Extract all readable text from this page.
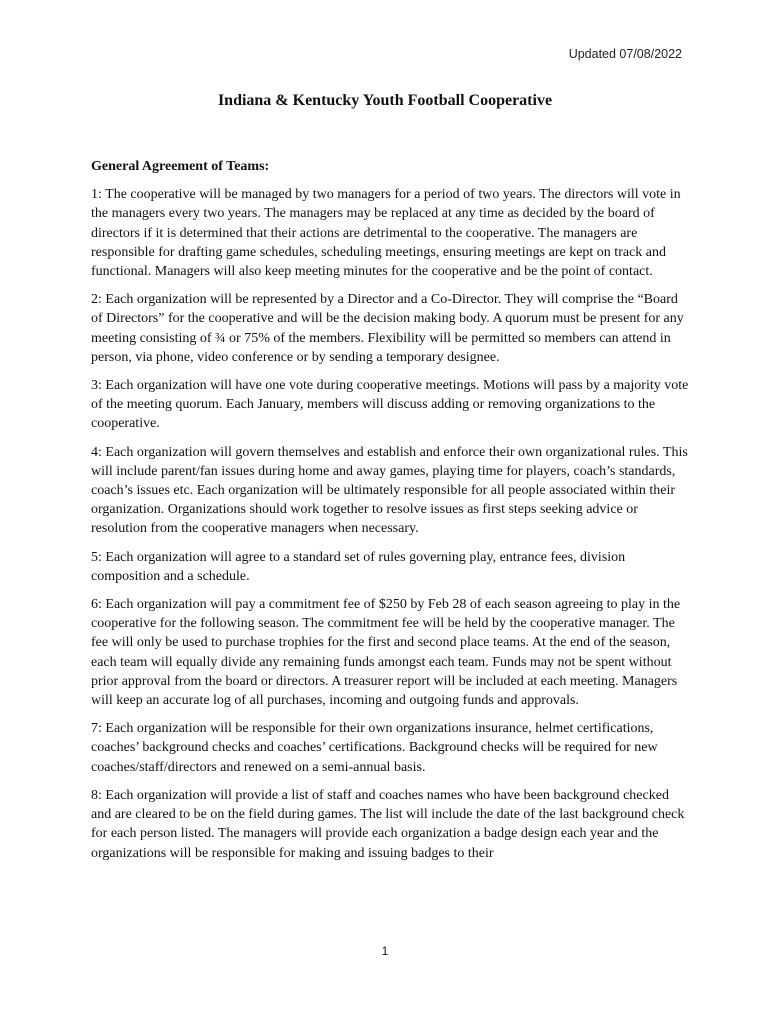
Updated 07/08/2022
Indiana & Kentucky Youth Football Cooperative

General Agreement of Teams:

1: The cooperative will be managed by two managers for a period of two years. The directors will vote in the managers every two years. The managers may be replaced at any time as decided by the board of directors if it is determined that their actions are detrimental to the cooperative. The managers are responsible for drafting game schedules, scheduling meetings, ensuring meetings are kept on track and functional. Managers will also keep meeting minutes for the cooperative and be the point of contact.

2: Each organization will be represented by a Director and a Co-Director. They will comprise the “Board of Directors” for the cooperative and will be the decision making body. A quorum must be present for any meeting consisting of ¾ or 75% of the members. Flexibility will be permitted so members can attend in person, via phone, video conference or by sending a temporary designee.

3: Each organization will have one vote during cooperative meetings. Motions will pass by a majority vote of the meeting quorum. Each January, members will discuss adding or removing organizations to the cooperative.

4: Each organization will govern themselves and establish and enforce their own organizational rules. This will include parent/fan issues during home and away games, playing time for players, coach’s standards, coach’s issues etc. Each organization will be ultimately responsible for all people associated within their organization. Organizations should work together to resolve issues as first steps seeking advice or resolution from the cooperative managers when necessary.

5: Each organization will agree to a standard set of rules governing play, entrance fees, division composition and a schedule.

6: Each organization will pay a commitment fee of $250 by Feb 28 of each season agreeing to play in the cooperative for the following season. The commitment fee will be held by the cooperative manager. The fee will only be used to purchase trophies for the first and second place teams. At the end of the season, each team will equally divide any remaining funds amongst each team. Funds may not be spent without prior approval from the board or directors. A treasurer report will be included at each meeting. Managers will keep an accurate log of all purchases, incoming and outgoing funds and approvals.

7: Each organization will be responsible for their own organizations insurance, helmet certifications, coaches’ background checks and coaches’ certifications. Background checks will be required for new coaches/staff/directors and renewed on a semi-annual basis.

8: Each organization will provide a list of staff and coaches names who have been background checked and are cleared to be on the field during games. The list will include the date of the last background check for each person listed. The managers will provide each organization a badge design each year and the organizations will be responsible for making and issuing badges to their

1
